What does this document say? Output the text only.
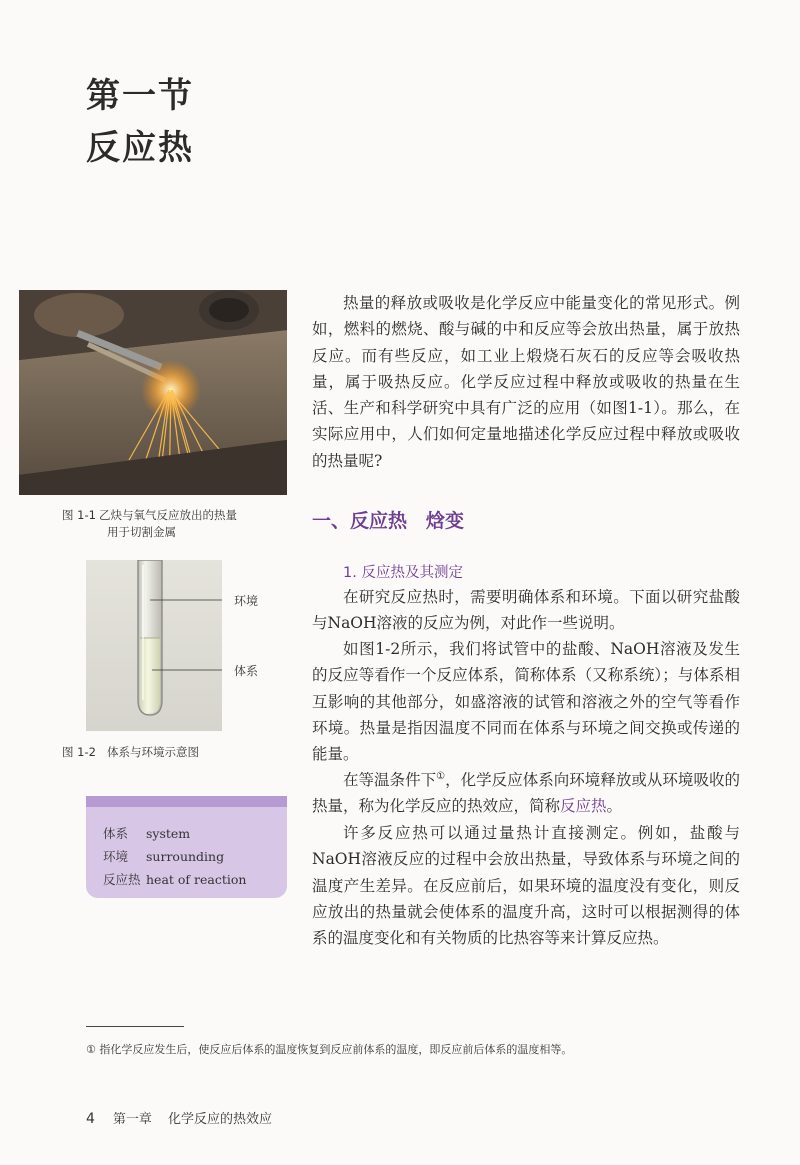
第一节
反应热
图 1-1 乙炔与氧气反应放出的热量
用于切割金属
环境
体系
图 1-2 体系与环境示意图
体系 system
环境 surrounding
反应热 heat of reaction
热量的释放或吸收是化学反应中能量变化的常见形式。例如，燃料的燃烧、酸与碱的中和反应等会放出热量，属于放热反应。而有些反应，如工业上煅烧石灰石的反应等会吸收热量，属于吸热反应。化学反应过程中释放或吸收的热量在生活、生产和科学研究中具有广泛的应用（如图1-1）。那么，在实际应用中，人们如何定量地描述化学反应过程中释放或吸收的热量呢?
一、反应热　焓变
1. 反应热及其测定
在研究反应热时，需要明确体系和环境。下面以研究盐酸与NaOH溶液的反应为例，对此作一些说明。
如图1-2所示，我们将试管中的盐酸、NaOH溶液及发生的反应等看作一个反应体系，简称体系（又称系统）；与体系相互影响的其他部分，如盛溶液的试管和溶液之外的空气等看作环境。热量是指因温度不同而在体系与环境之间交换或传递的能量。
在等温条件下①，化学反应体系向环境释放或从环境吸收的热量，称为化学反应的热效应，简称反应热。
许多反应热可以通过量热计直接测定。例如，盐酸与NaOH溶液反应的过程中会放出热量，导致体系与环境之间的温度产生差异。在反应前后，如果环境的温度没有变化，则反应放出的热量就会使体系的温度升高，这时可以根据测得的体系的温度变化和有关物质的比热容等来计算反应热。
① 指化学反应发生后，使反应后体系的温度恢复到反应前体系的温度，即反应前后体系的温度相等。
4 第一章 化学反应的热效应
